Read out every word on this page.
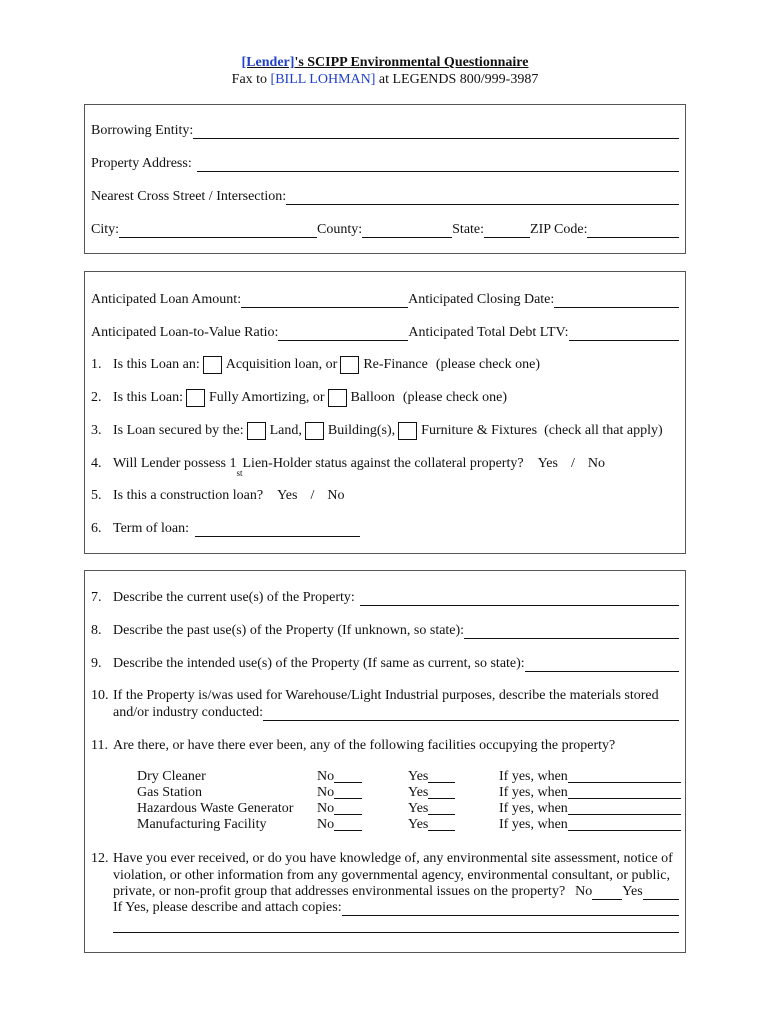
[Lender]'s SCIPP Environmental Questionnaire
Fax to [BILL LOHMAN] at LEGENDS 800/999-3987
Borrowing Entity:
Property Address:
Nearest Cross Street / Intersection:
City:	County:	State:	ZIP Code:
Anticipated Loan Amount:	Anticipated Closing Date:
Anticipated Loan-to-Value Ratio:	Anticipated Total Debt LTV:
1. Is this Loan an: Acquisition loan, or Re-Finance (please check one)
2. Is this Loan: Fully Amortizing, or Balloon (please check one)
3. Is Loan secured by the: Land, Building(s), Furniture & Fixtures (check all that apply)
4. Will Lender possess 1
st
Lien-Holder status against the collateral property? Yes / No
5. Is this a construction loan? Yes / No
6. Term of loan:
7. Describe the current use(s) of the Property:
8. Describe the past use(s) of the Property (If unknown, so state):
9. Describe the intended use(s) of the Property (If same as current, so state):
10. If the Property is/was used for Warehouse/Light Industrial purposes, describe the materials stored
and/or industry conducted:
11. Are there, or have there ever been, any of the following facilities occupying the property?
Dry Cleaner	No	Yes	If yes, when
Gas Station	No	Yes	If yes, when
Hazardous Waste Generator No	Yes	If yes, when
Manufacturing Facility	No	Yes	If yes, when
12. Have you ever received, or do you have knowledge of, any environmental site assessment, notice of
violation, or other information from any governmental agency, environmental consultant, or public,
private, or non-profit group that addresses environmental issues on the property? No Yes
If Yes, please describe and attach copies:
